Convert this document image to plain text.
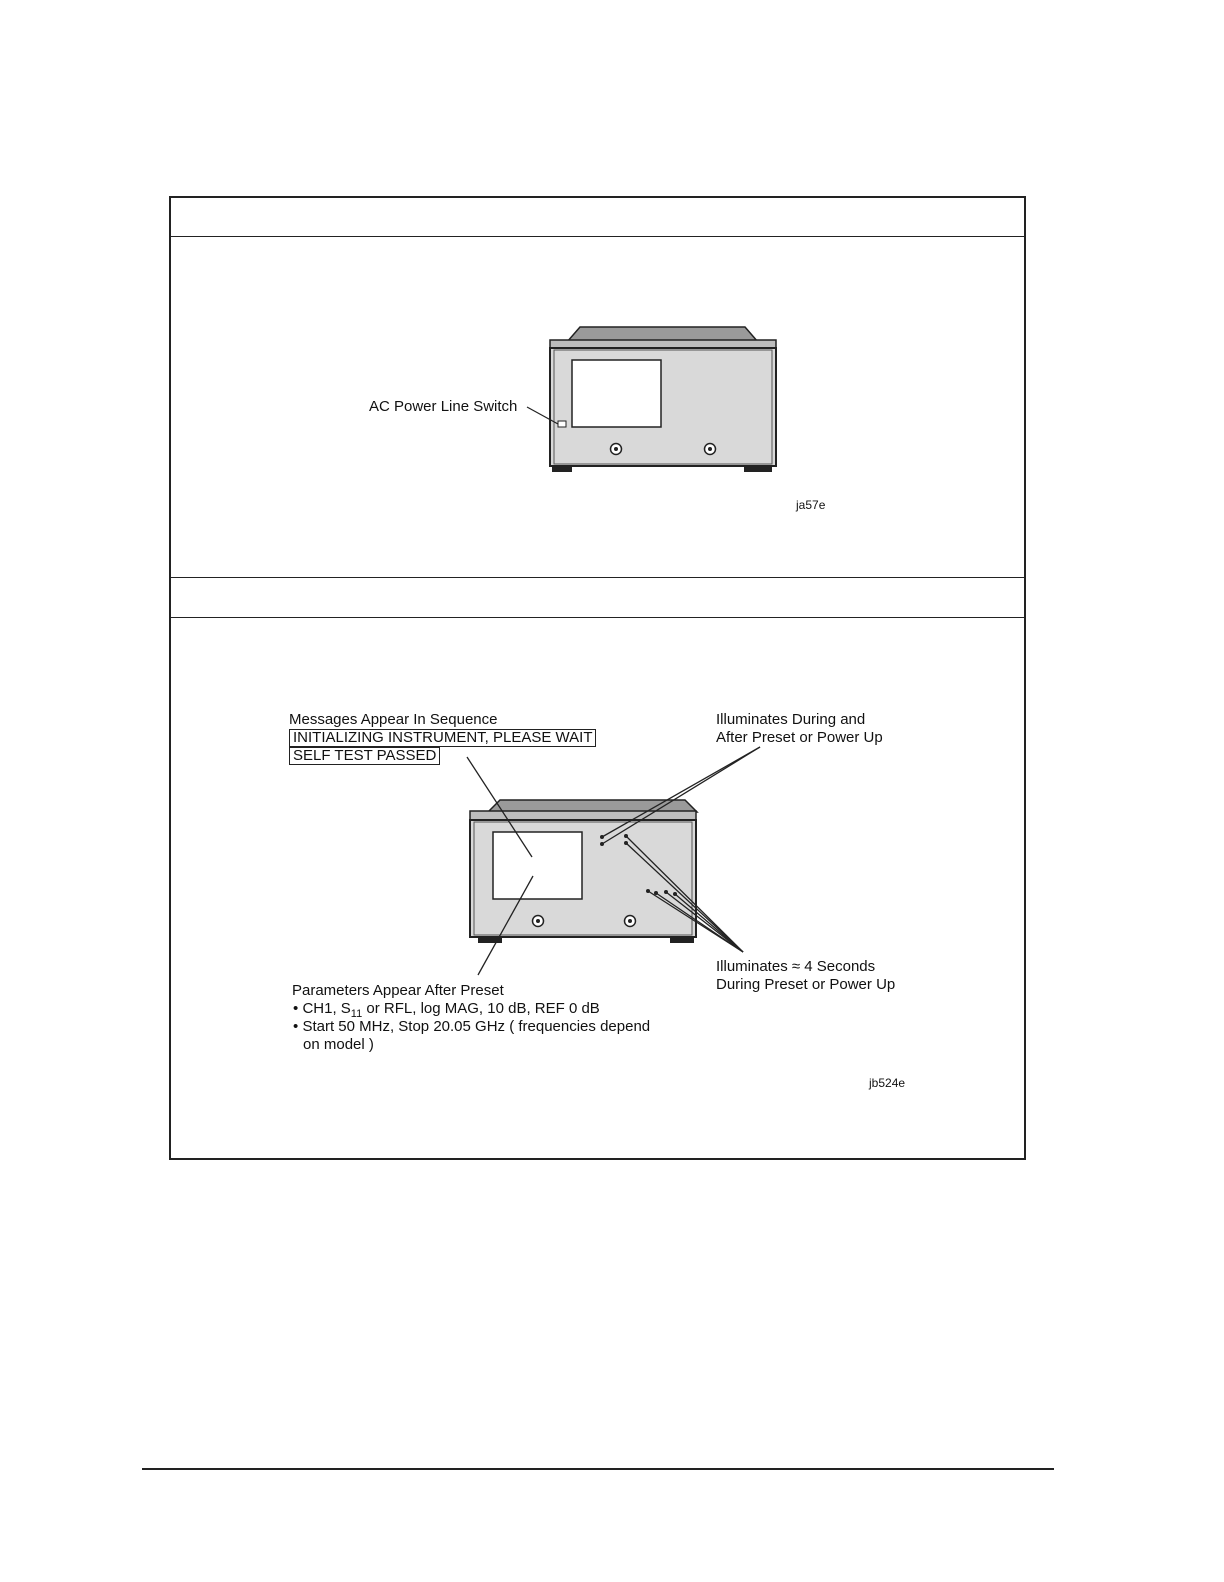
AC Power Line Switch
ja57e
Messages Appear In Sequence
INITIALIZING INSTRUMENT, PLEASE WAIT
SELF TEST PASSED
Illuminates During and
After Preset or Power Up
Illuminates ≈ 4 Seconds
During Preset or Power Up
Parameters Appear After Preset
• CH1, $S_{11}$ or RFL, log MAG, 10 dB, REF 0 dB
• Start 50 MHz, Stop 20.05 GHz ( frequencies depend
on model )
jb524e
